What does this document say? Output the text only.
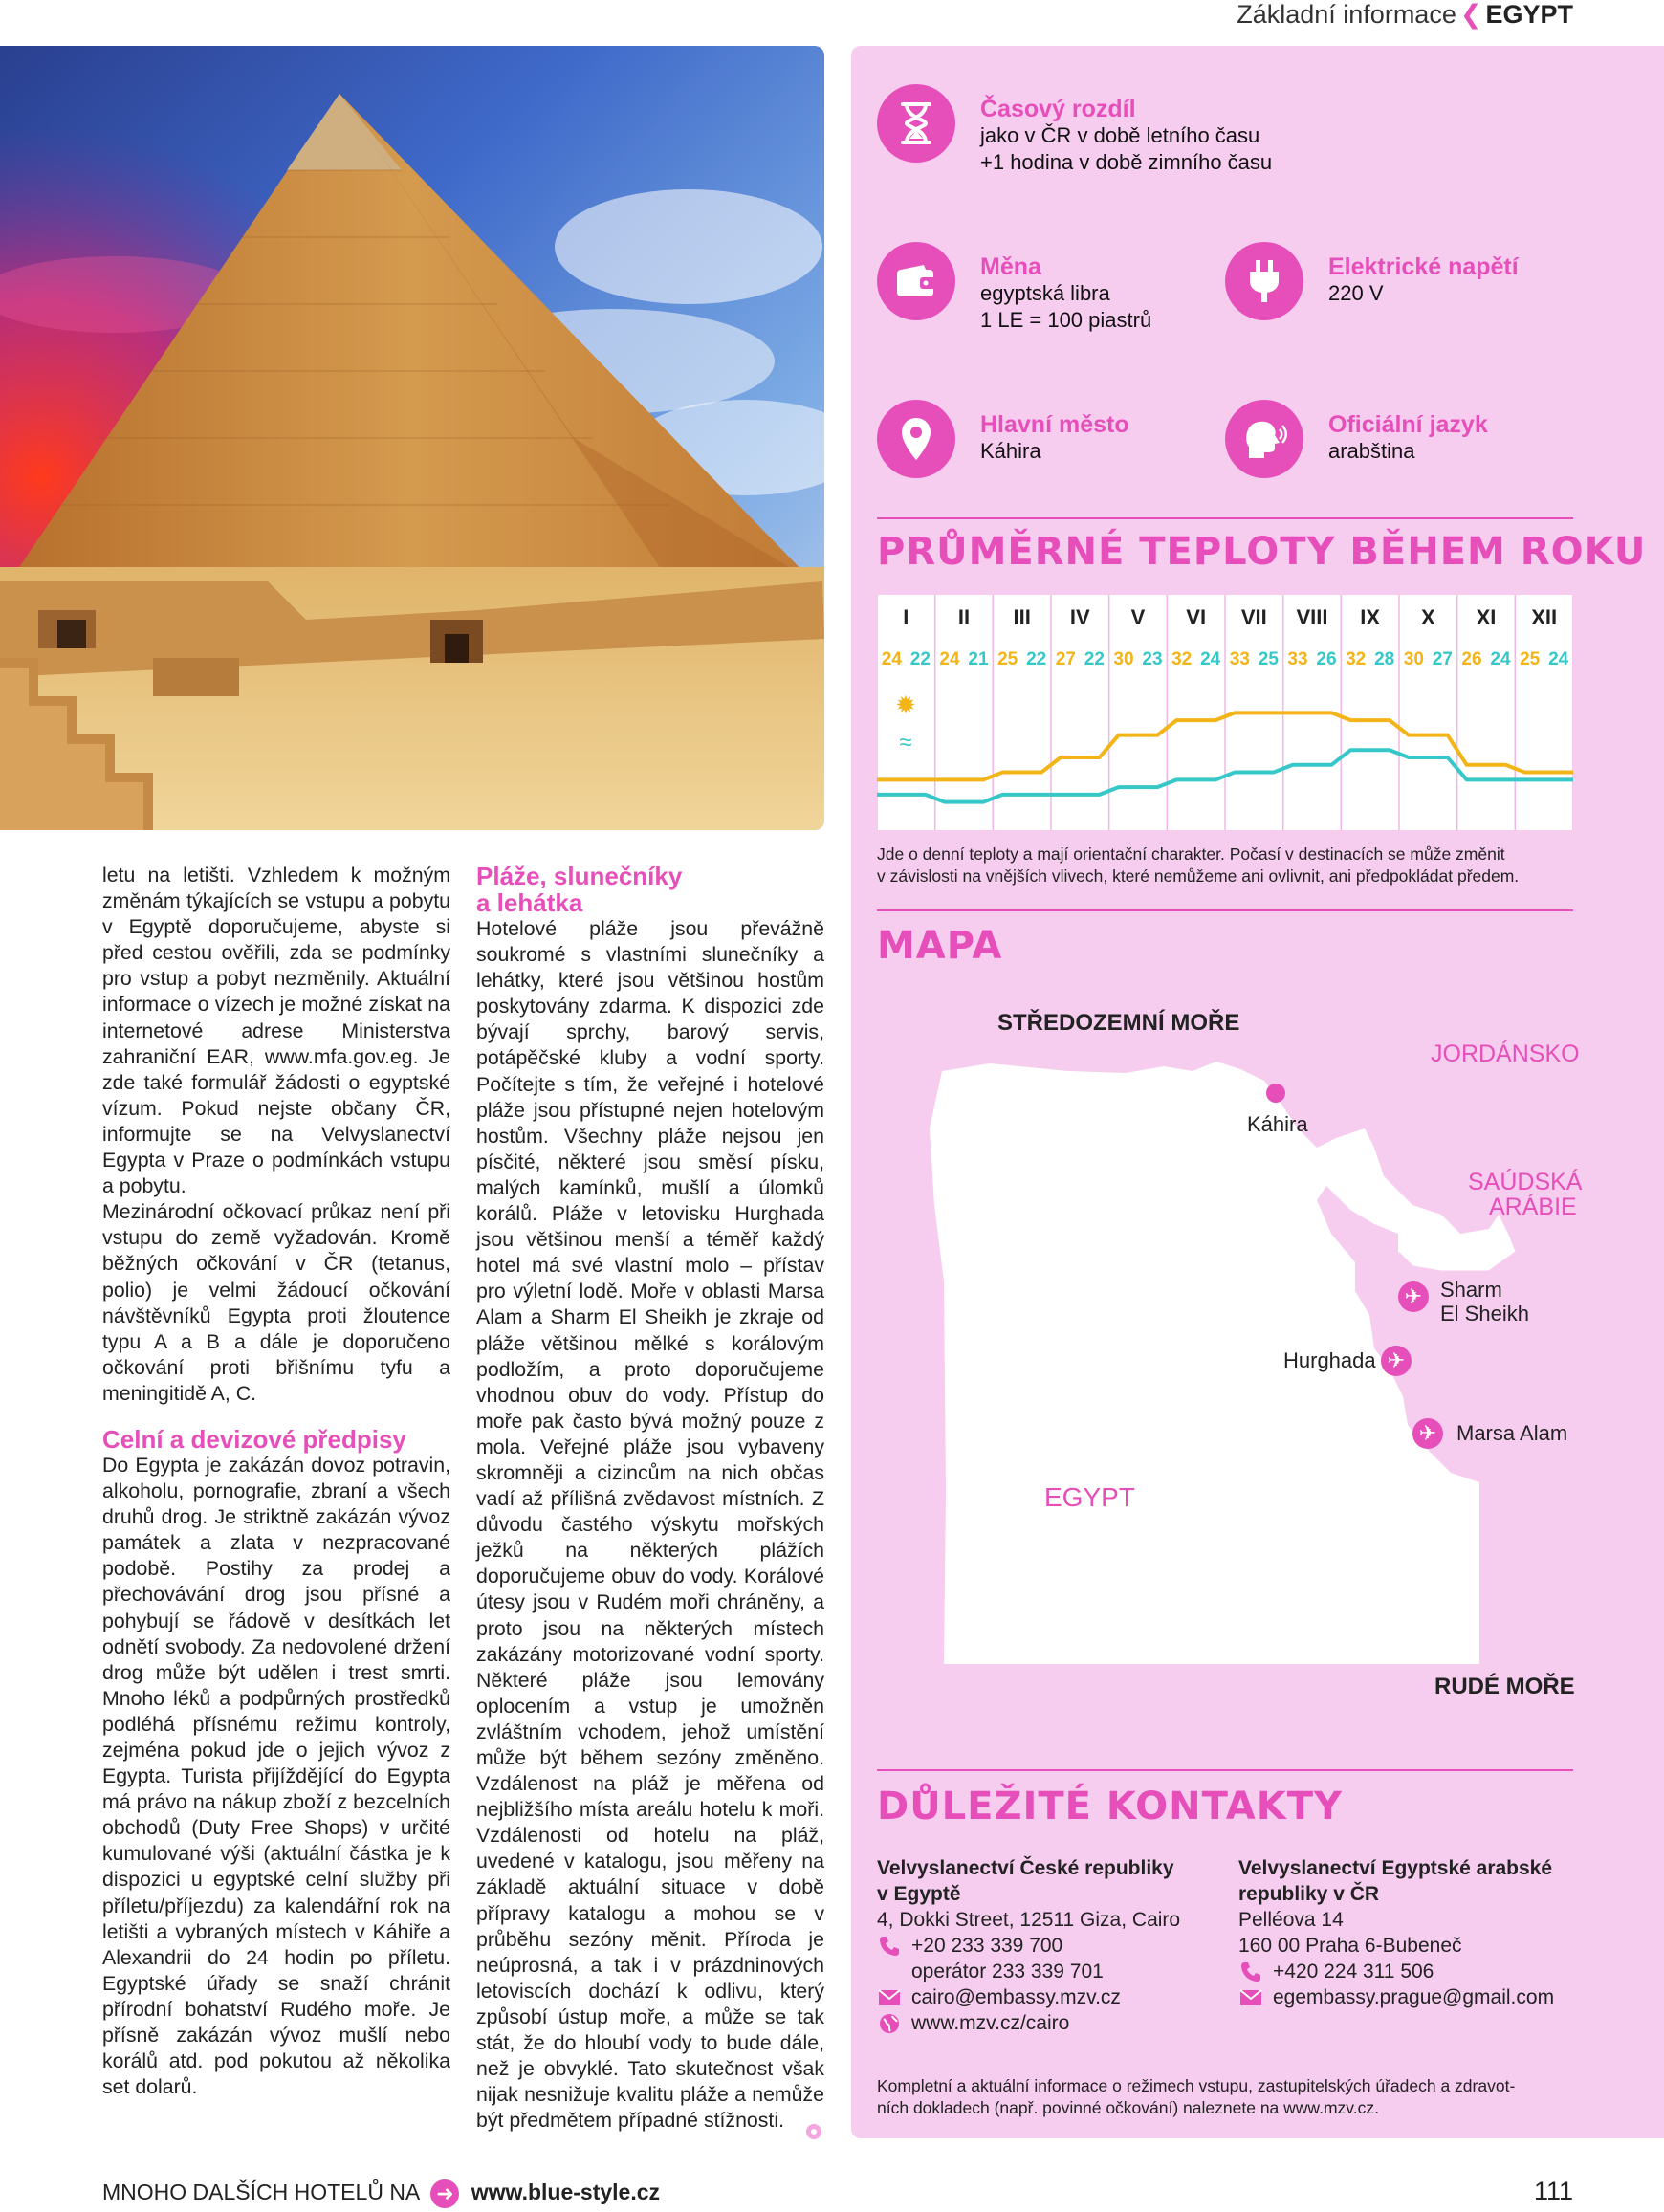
Základní informace ❮ EGYPT
Časový rozdíl
jako v ČR v době letního času
+1 hodina v době zimního času
Měna
egyptská libra
1 LE = 100 piastrů
Elektrické napětí
220 V
Hlavní město
Káhira
Oficiální jazyk
arabština
PRŮMĚRNÉ TEPLOTY BĚHEM ROKU
I
24 22
II
24 21
III
25 22
IV
27 22
V
30 23
VI
32 24
VII
33 25
VIII
33 26
IX
32 28
X
30 27
XI
26 24
XII
25 24
✹
≈
Jde o denní teploty a mají orientační charakter. Počasí v destinacích se může změnit
v závislosti na vnějších vlivech, které nemůžeme ani ovlivnit, ani předpokládat předem.
MAPA
STŘEDOZEMNÍ MOŘE
JORDÁNSKO
SAÚDSKÁ
ARÁBIE
Káhira
✈ Sharm
El Sheikh
✈
Hurghada
✈ Marsa Alam
EGYPT
RUDÉ MOŘE
DŮLEŽITÉ KONTAKTY
Velvyslanectví České republiky
v Egyptě
4, Dokki Street, 12511 Giza, Cairo
+20 233 339 700
operátor 233 339 701
cairo@embassy.mzv.cz
www.mzv.cz/cairo
Velvyslanectví Egyptské arabské
republiky v ČR
Pelléova 14
160 00 Praha 6-Bubeneč
+420 224 311 506
egembassy.prague@gmail.com
Kompletní a aktuální informace o režimech vstupu, zastupitelských úřadech a zdravot-
ních dokladech (např. povinné očkování) naleznete na www.mzv.cz.

letu na letišti. Vzhledem k možným změnám týkajících se vstupu a pobytu v Egyptě doporučujeme, abyste si před cestou ověřili, zda se podmínky pro vstup a pobyt nezměnily. Aktuální informace o vízech je možné získat na internetové adrese Ministerstva zahraniční EAR, www.mfa.gov.eg. Je zde také formulář žádosti o egyptské vízum. Pokud nejste občany ČR, informujte se na Velvyslanectví Egypta v Praze o podmínkách vstupu a pobytu.

Mezinárodní očkovací průkaz není při vstupu do země vyžadován. Kromě běžných očkování v ČR (tetanus, polio) je velmi žádoucí očkování návštěvníků Egypta proti žloutence typu A a B a dále je doporučeno očkování proti břišnímu tyfu a meningitidě A, C.

Celní a devizové předpisy

Do Egypta je zakázán dovoz potravin, alkoholu, pornografie, zbraní a všech druhů drog. Je striktně zakázán vývoz památek a zlata v nezpracované podobě. Postihy za prodej a přechovávání drog jsou přísné a pohybují se řádově v desítkách let odnětí svobody. Za nedovolené držení drog může být udělen i trest smrti. Mnoho léků a podpůrných prostředků podléhá přísnému režimu kontroly, zejména pokud jde o jejich vývoz z Egypta. Turista přijíždějící do Egypta má právo na nákup zboží z bezcelních obchodů (Duty Free Shops) v určité kumulované výši (aktuální částka je k dispozici u egyptské celní služby při příletu/příjezdu) za kalendářní rok na letišti a vybraných místech v Káhiře a Alexandrii do 24 hodin po příletu. Egyptské úřady se snaží chránit přírodní bohatství Rudého moře. Je přísně zakázán vývoz mušlí nebo korálů atd. pod pokutou až několika set dolarů.

Pláže, slunečníky
a lehátka

Hotelové pláže jsou převážně soukromé s vlastními slunečníky a lehátky, které jsou většinou hostům poskytovány zdarma. K dispozici zde bývají sprchy, barový servis, potápěčské kluby a vodní sporty. Počítejte s tím, že veřejné i hotelové pláže jsou přístupné nejen hotelovým hostům. Všechny pláže nejsou jen písčité, některé jsou směsí písku, malých kamínků, mušlí a úlomků korálů. Pláže v letovisku Hurghada jsou většinou menší a téměř každý hotel má své vlastní molo – přístav pro výletní lodě. Moře v oblasti Marsa Alam a Sharm El Sheikh je zkraje od pláže většinou mělké s korálovým podložím, a proto doporučujeme vhodnou obuv do vody. Přístup do moře pak často bývá možný pouze z mola. Veřejné pláže jsou vybaveny skromněji a cizincům na nich občas vadí až přílišná zvědavost místních. Z důvodu častého výskytu mořských ježků na některých plážích doporučujeme obuv do vody. Korálové útesy jsou v Rudém moři chráněny, a proto jsou na některých místech zakázány motorizované vodní sporty. Některé pláže jsou lemovány oplocením a vstup je umožněn zvláštním vchodem, jehož umístění může být během sezóny změněno. Vzdálenost na pláž je měřena od nejbližšího místa areálu hotelu k moři. Vzdálenosti od hotelu na pláž, uvedené v katalogu, jsou měřeny na základě aktuální situace v době přípravy katalogu a mohou se v průběhu sezóny měnit. Příroda je neúprosná, a tak i v prázdninových letoviscích dochází k odlivu, který způsobí ústup moře, a může se tak stát, že do hloubí vody to bude dále, než je obvyklé. Tato skutečnost však nijak nesnižuje kvalitu pláže a nemůže být předmětem případné stížnosti.

MNOHO DALŠÍCH HOTELŮ NA ➜ www.blue-style.cz	111
